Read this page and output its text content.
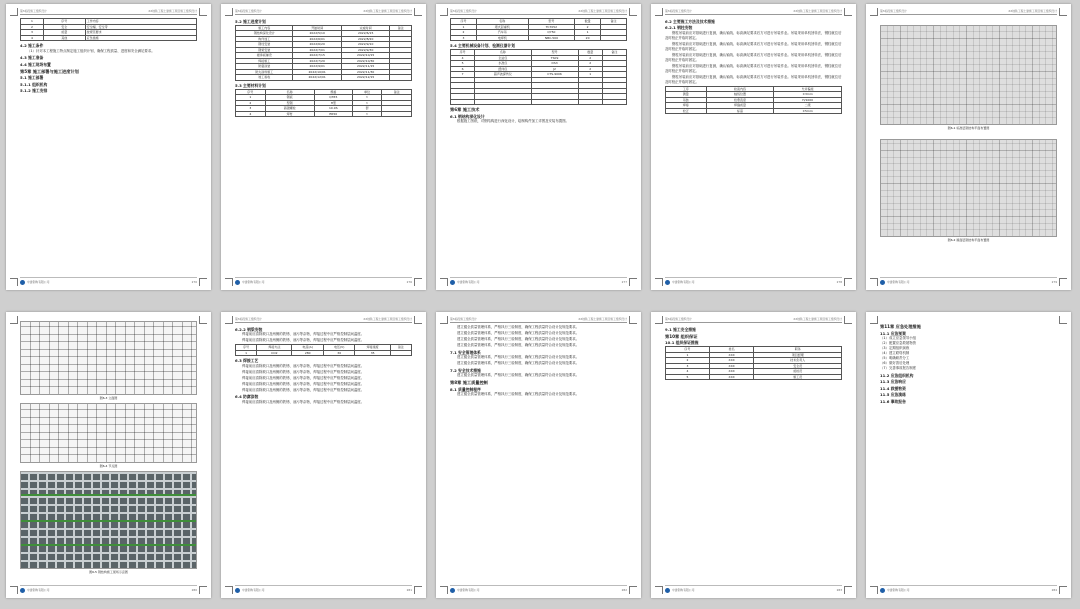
第3标段施工组织设计	XX地铁工程土建施工项目施工组织设计
1	序号	工作内容
2	安全	安全帽、安全带
3	质量	按规范要求
4	其他	应急措施
4.2 施工条件

（1）针对本工程施工特点制定施工组织计划，确保工程质量、进度和安全满足要求。

4.3 施工准备
4.4 施工现场布置
第5章 施工部署与施工进度计划
5.1 施工部署
5.1.1 组织机构
5.1.2 施工安排
中建钢构有限公司	270
第3标段施工组织设计	XX地铁工程土建施工项目施工组织设计
5.2 施工进度计划
施工内容	开始时间	完成时间	备注
钢结构深化设计	2022/5/10	2022/6/15	
构件加工	2022/6/01	2022/8/20	
钢柱安装	2022/6/20	2022/9/10	
钢梁安装	2022/7/01	2022/9/30	
楼承板铺设	2022/7/15	2022/10/15	
焊接施工	2022/7/20	2022/10/30	
防腐涂装	2022/9/01	2022/11/15	
防火涂料施工	2022/10/01	2022/11/30	
竣工验收	2022/12/01	2022/12/15	
5.3 主要材料计划
序号	名称	规格	单位	备注
1	钢板	Q355	t	
2	型钢	H型	t	
3	高强螺栓	10.9S	套	
4	焊材	ER50	t	
中建钢构有限公司	276
第3标段施工组织设计	XX地铁工程土建施工项目施工组织设计
序号	名称	型号	数量	备注
1	塔式起重机	TC7052	2	
2	汽车吊	QY50	1	
3	电焊机	NBC-500	20	
5.4 主要机械设备计划、检测仪器计划
序号	名称	型号	数量	备注
4	全站仪	TS09	2	
5	水准仪	DS3	2	
6	经纬仪	J2	2	
7	超声波探伤仪	CTS-9006	1	

第6章 施工技术
6.1 钢结构深化设计

根据施工图纸，对钢结构进行深化设计，绘制构件加工详图及安装布置图。

中建钢构有限公司	277
第3标段施工组织设计	XX地铁工程土建施工项目施工组织设计
6.2 主要施工方法及技术措施
6.2.1 钢柱安装

钢柱吊装前应对基础进行复测，确认轴线、标高满足要求后方可进行吊装作业。吊装采用单机回转法，钢柱就位后及时校正并临时固定。

钢柱吊装前应对基础进行复测，确认轴线、标高满足要求后方可进行吊装作业。吊装采用单机回转法，钢柱就位后及时校正并临时固定。

钢柱吊装前应对基础进行复测，确认轴线、标高满足要求后方可进行吊装作业。吊装采用单机回转法，钢柱就位后及时校正并临时固定。

钢柱吊装前应对基础进行复测，确认轴线、标高满足要求后方可进行吊装作业。吊装采用单机回转法，钢柱就位后及时校正并临时固定。

钢柱吊装前应对基础进行复测，确认轴线、标高满足要求后方可进行吊装作业。吊装采用单机回转法，钢柱就位后及时校正并临时固定。

工序	检查内容	允许偏差
测量	轴线位置	±3mm
吊装	柱垂直度	H/1000
焊接	焊缝质量	二级
校正	标高	±5mm
中建钢构有限公司	278
第3标段施工组织设计	XX地铁工程土建施工项目施工组织设计
图6-1 标准层钢结构平面布置图
图6-2 屋面层钢结构平面布置图
中建钢构有限公司	279
图6-3 立面图
图6-4 节点图
图6-5 钢结构施工现场示意图
中建钢构有限公司	280
第3标段施工组织设计	XX地铁工程土建施工项目施工组织设计
6.2.2 钢梁安装

焊接前应清除坡口及两侧的铁锈、油污等杂物，焊接过程中应严格控制层间温度。

焊接前应清除坡口及两侧的铁锈、油污等杂物，焊接过程中应严格控制层间温度。

序号	焊接方法	电流(A)	电压(V)	焊接速度	备注
1	CO2	280	30	35	
6.3 焊接工艺

焊接前应清除坡口及两侧的铁锈、油污等杂物，焊接过程中应严格控制层间温度。

焊接前应清除坡口及两侧的铁锈、油污等杂物，焊接过程中应严格控制层间温度。

焊接前应清除坡口及两侧的铁锈、油污等杂物，焊接过程中应严格控制层间温度。

焊接前应清除坡口及两侧的铁锈、油污等杂物，焊接过程中应严格控制层间温度。

焊接前应清除坡口及两侧的铁锈、油污等杂物，焊接过程中应严格控制层间温度。

6.4 防腐涂装

焊接前应清除坡口及两侧的铁锈、油污等杂物，焊接过程中应严格控制层间温度。

中建钢构有限公司	281
第3标段施工组织设计	XX地铁工程土建施工项目施工组织设计

建立健全质量管理体系，严格执行三检制度，确保工程质量符合设计及规范要求。

建立健全质量管理体系，严格执行三检制度，确保工程质量符合设计及规范要求。

建立健全质量管理体系，严格执行三检制度，确保工程质量符合设计及规范要求。

建立健全质量管理体系，严格执行三检制度，确保工程质量符合设计及规范要求。

7.1 安全管理体系

建立健全质量管理体系，严格执行三检制度，确保工程质量符合设计及规范要求。

建立健全质量管理体系，严格执行三检制度，确保工程质量符合设计及规范要求。

7.2 安全技术措施

建立健全质量管理体系，严格执行三检制度，确保工程质量符合设计及规范要求。

第8章 施工质量控制
8.1 质量控制程序

建立健全质量管理体系，严格执行三检制度，确保工程质量符合设计及规范要求。

中建钢构有限公司	282
第3标段施工组织设计	XX地铁工程土建施工项目施工组织设计
9.1 施工安全措施
第10章 组织保证
10.1 组织保证措施
序号	姓名	职务
1	XXX	项目经理
2	XXX	技术负责人
3	XXX	安全员
4	XXX	质检员
5	XXX	施工员
中建钢构有限公司	283
第11章 应急处理措施
11.1 应急预案

（1）成立应急领导小组

（2）配置应急救援物资

（3）定期组织演练

（4）建立联络机制

（5）明确职责分工

（6）做好善后处理

（7）完善事故报告制度

11.2 应急组织机构
11.3 应急响应
11.4 救援物资
11.5 应急演练
11.6 事故报告
中建钢构有限公司	284
